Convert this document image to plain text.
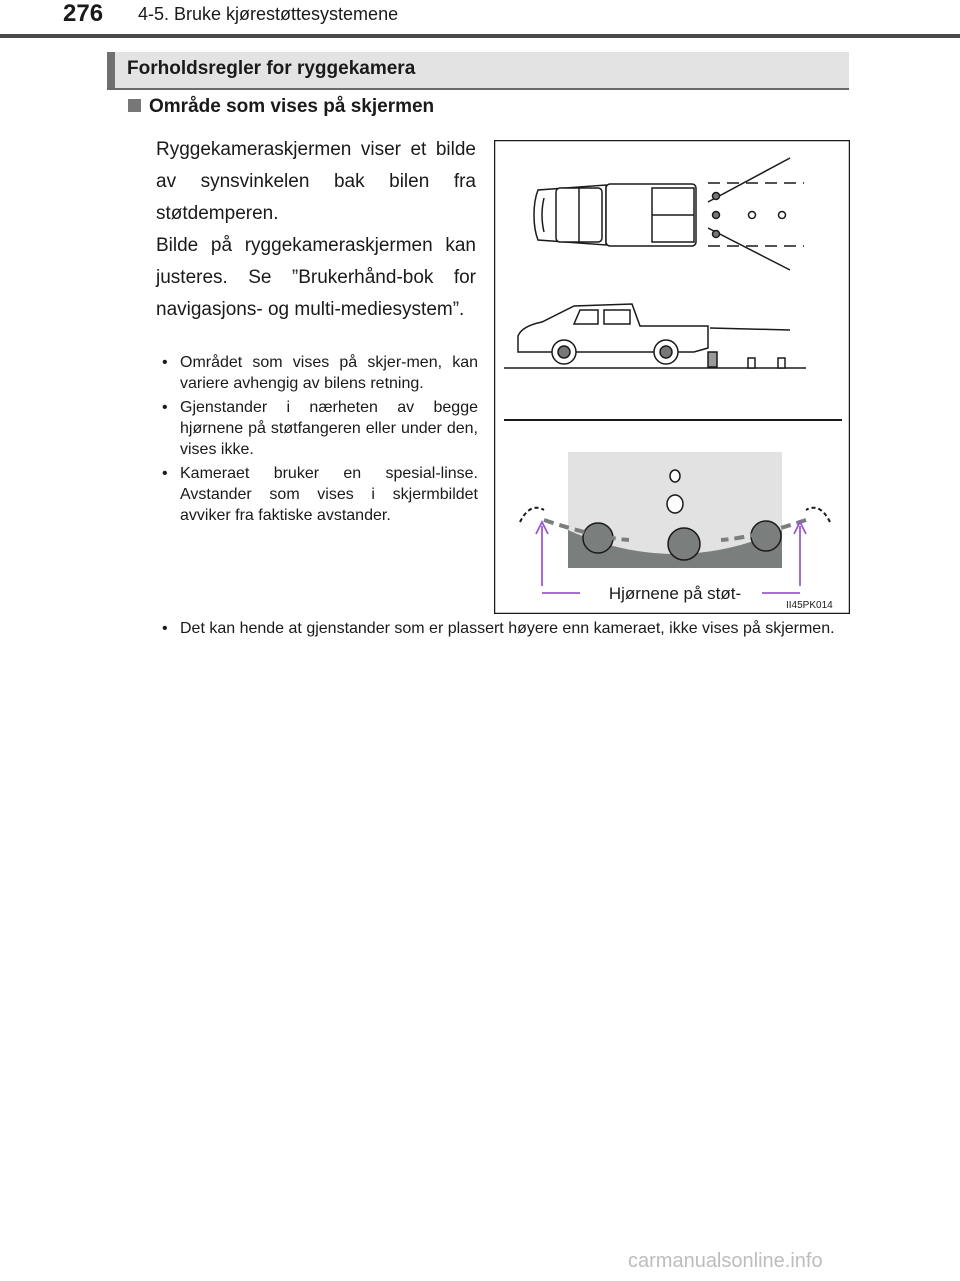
276 4-5. Bruke kjørestøttesystemene
Forholdsregler for ryggekamera
Område som vises på skjermen
Ryggekameraskjermen viser et bilde av synsvinkelen bak bilen fra støtdemperen.
Bilde på ryggekameraskjermen kan justeres. Se ”Brukerhånd-bok for navigasjons- og multi-mediesystem”.
• Området som vises på skjer-men, kan variere avhengig av bilens retning.
• Gjenstander i nærheten av begge hjørnene på støtfangeren eller under den, vises ikke.
• Kameraet bruker en spesial-linse. Avstander som vises i skjermbildet avviker fra faktiske avstander.
• Det kan hende at gjenstander som er plassert høyere enn kameraet, ikke vises på skjermen.
Hjørnene på støt-
II45PK014
carmanualsonline.info
